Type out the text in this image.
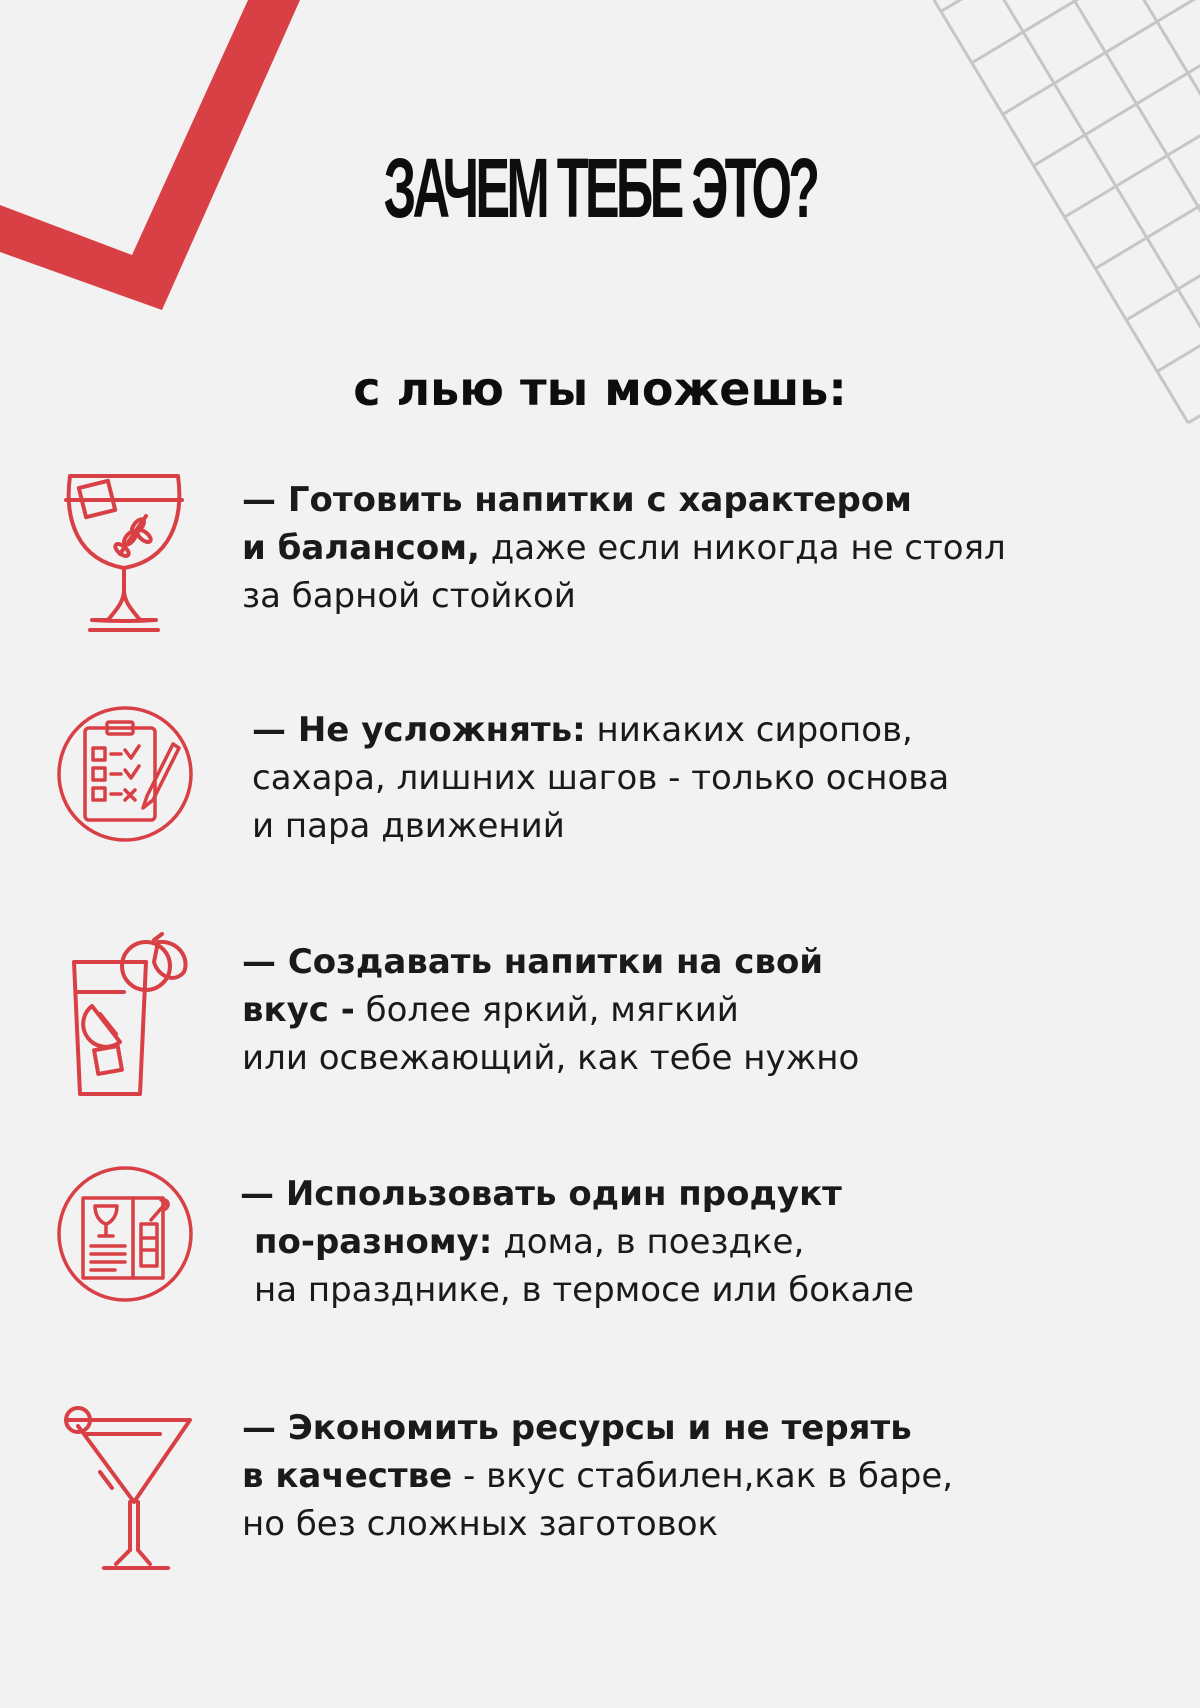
ЗАЧЕМ ТЕБЕ ЭТО?
с лью ты можешь:
— Готовить напитки с характером
и балансом, даже если никогда не стоял
за барной стойкой
— Не усложнять: никаких сиропов,
сахара, лишних шагов - только основа
и пара движений
— Создавать напитки на свой
вкус - более яркий, мягкий
или освежающий, как тебе нужно
— Использовать один продукт
по-разному: дома, в поездке,
на празднике, в термосе или бокале
— Экономить ресурсы и не терять
в качестве - вкус стабилен,как в баре,
но без сложных заготовок
